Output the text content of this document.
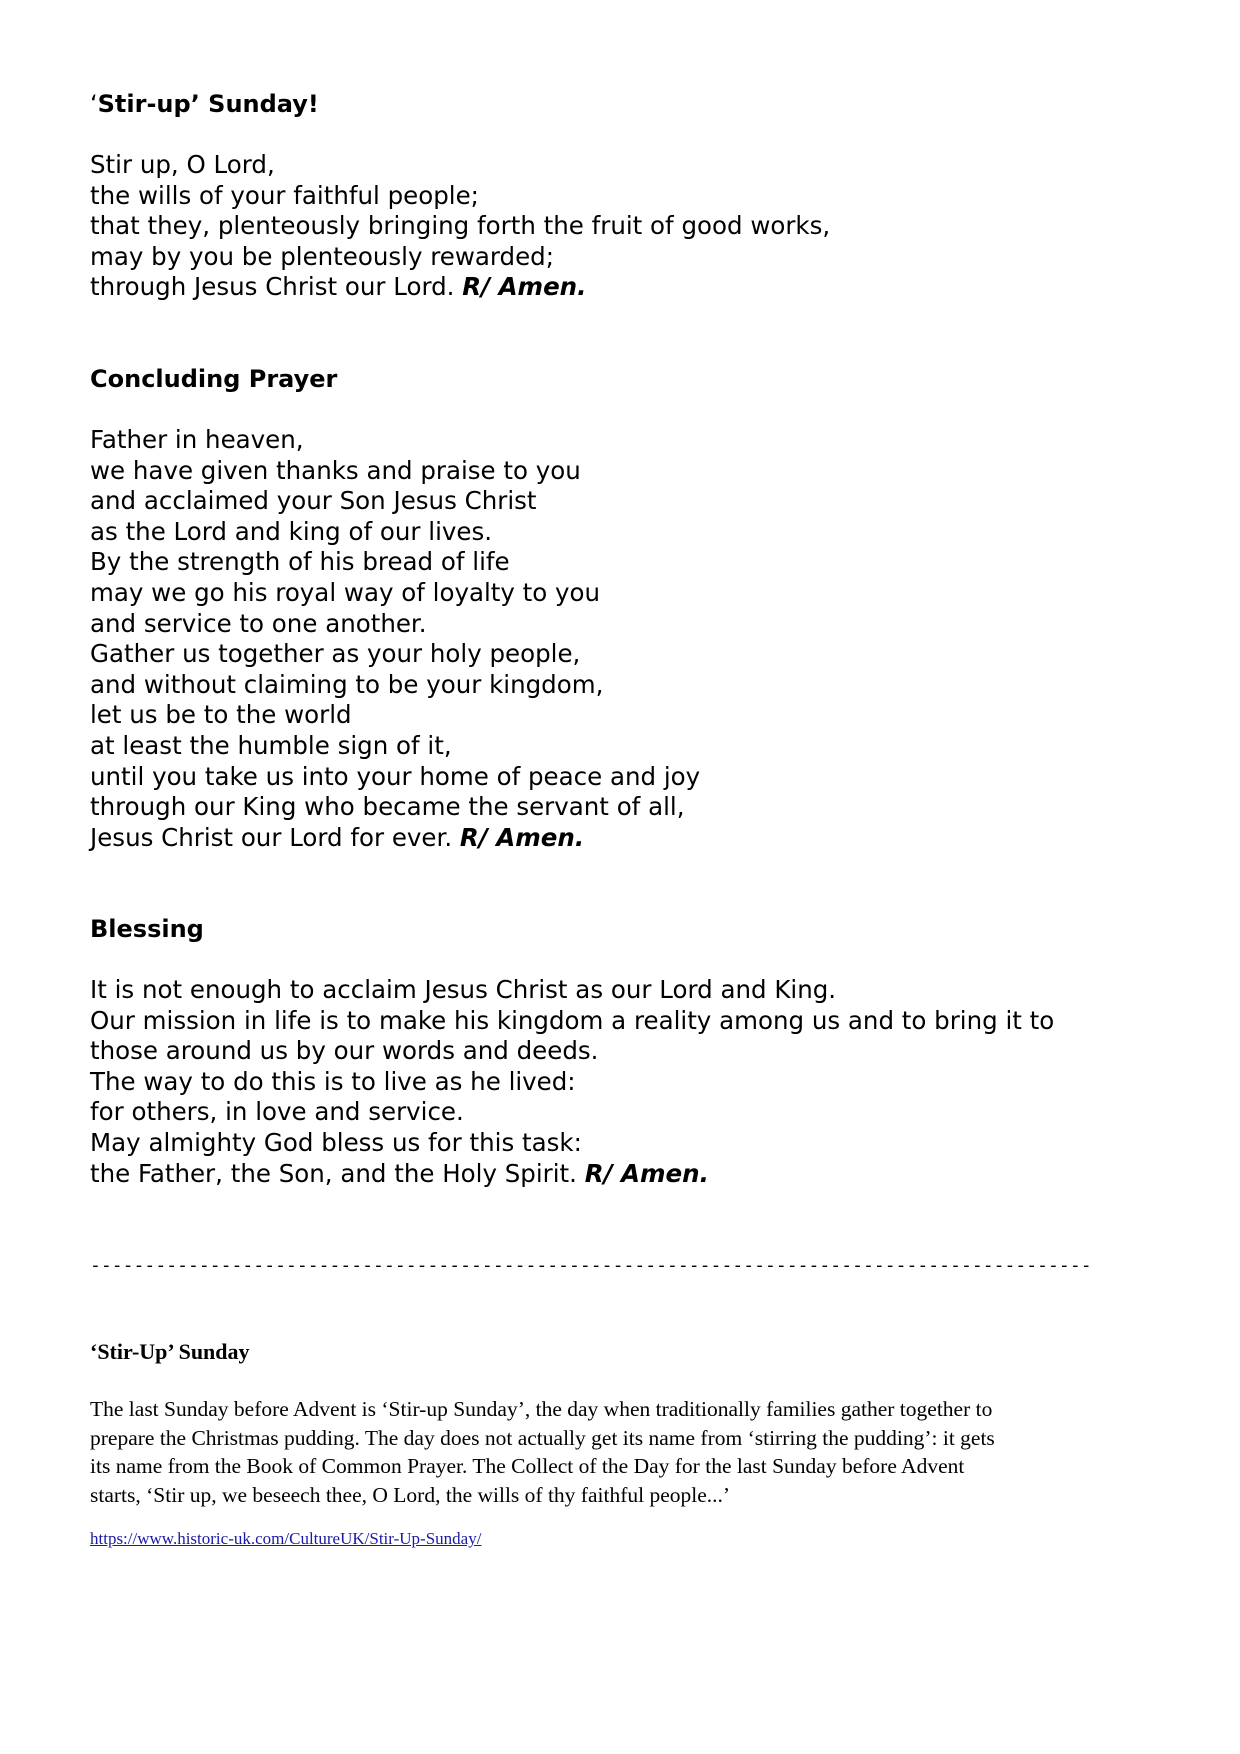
‘Stir-up’ Sunday!

Stir up, O Lord,
the wills of your faithful people;
that they, plenteously bringing forth the fruit of good works,
may by you be plenteously rewarded;
through Jesus Christ our Lord. R/ Amen.

Concluding Prayer

Father in heaven,
we have given thanks and praise to you
and acclaimed your Son Jesus Christ
as the Lord and king of our lives.
By the strength of his bread of life
may we go his royal way of loyalty to you
and service to one another.
Gather us together as your holy people,
and without claiming to be your kingdom,
let us be to the world
at least the humble sign of it,
until you take us into your home of peace and joy
through our King who became the servant of all,
Jesus Christ our Lord for ever. R/ Amen.

Blessing

It is not enough to acclaim Jesus Christ as our Lord and King.
Our mission in life is to make his kingdom a reality among us and to bring it to
those around us by our words and deeds.
The way to do this is to live as he lived:
for others, in love and service.
May almighty God bless us for this task:
the Father, the Son, and the Holy Spirit. R/ Amen.

--------------------------------------------------------------------------------------------
‘Stir-Up’ Sunday

The last Sunday before Advent is ‘Stir-up Sunday’, the day when traditionally families gather together to
prepare the Christmas pudding. The day does not actually get its name from ‘stirring the pudding’: it gets
its name from the Book of Common Prayer. The Collect of the Day for the last Sunday before Advent
starts, ‘Stir up, we beseech thee, O Lord, the wills of thy faithful people...’

https://www.historic-uk.com/CultureUK/Stir-Up-Sunday/
